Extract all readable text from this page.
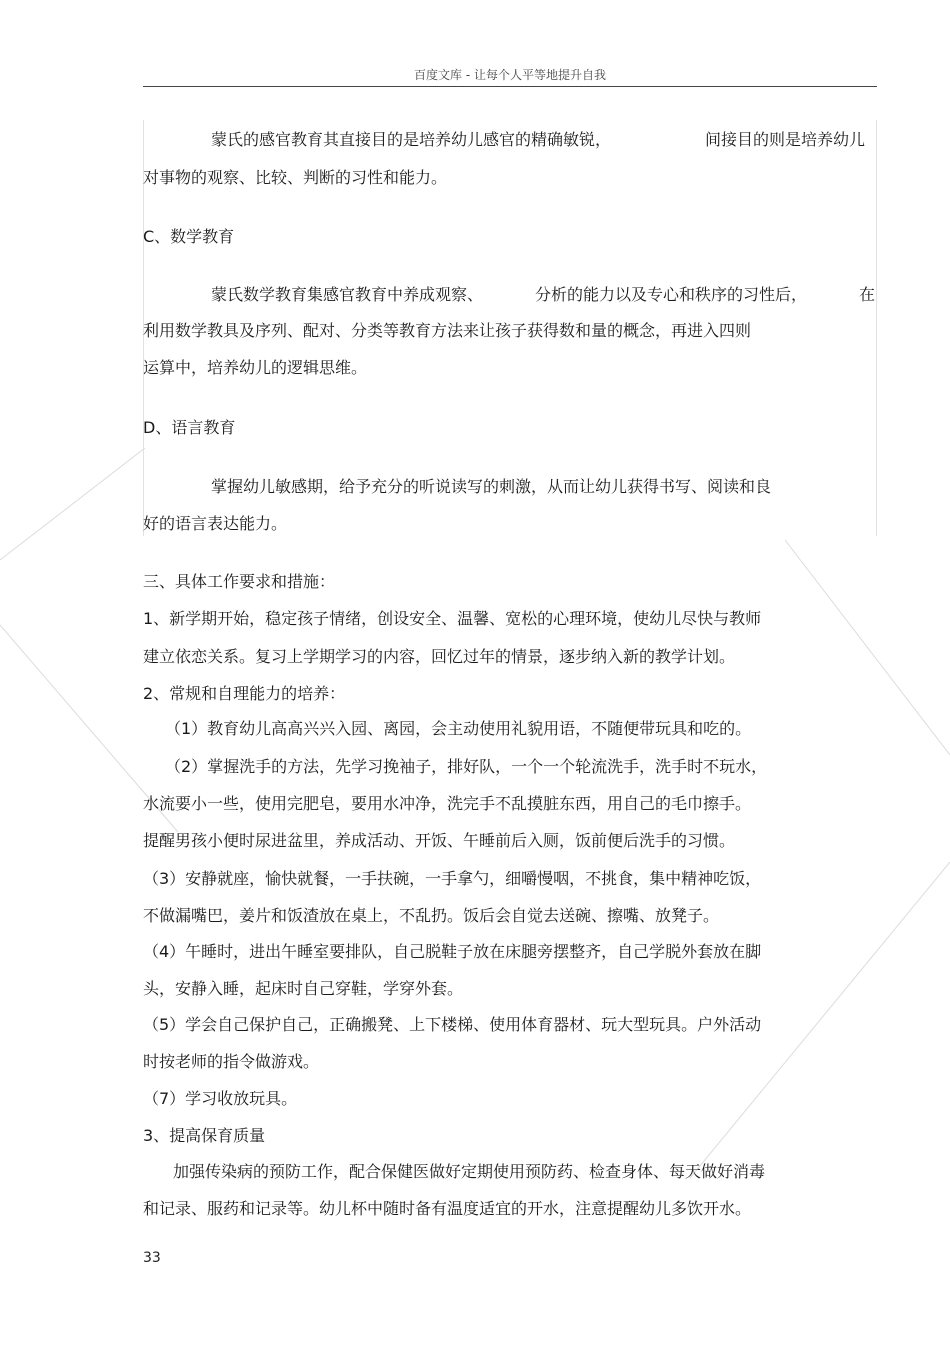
百度文库 - 让每个人平等地提升自我
蒙氏的感官教育其直接目的是培养幼儿感官的精确敏锐，	间接目的则是培养幼儿
对事物的观察、比较、判断的习性和能力。
C、数学教育
蒙氏数学教育集感官教育中养成观察、	分析的能力以及专心和秩序的习性后，	在
利用数学教具及序列、配对、分类等教育方法来让孩子获得数和量的概念，再进入四则
运算中，培养幼儿的逻辑思维。
D、语言教育
掌握幼儿敏感期，给予充分的听说读写的刺激，从而让幼儿获得书写、阅读和良
好的语言表达能力。
三、具体工作要求和措施：
1、新学期开始，稳定孩子情绪，创设安全、温馨、宽松的心理环境，使幼儿尽快与教师
建立依恋关系。复习上学期学习的内容，回忆过年的情景，逐步纳入新的教学计划。
2、常规和自理能力的培养：
（1）教育幼儿高高兴兴入园、离园，会主动使用礼貌用语，不随便带玩具和吃的。
（2）掌握洗手的方法，先学习挽袖子，排好队，一个一个轮流洗手，洗手时不玩水，
水流要小一些，使用完肥皂，要用水冲净，洗完手不乱摸脏东西，用自己的毛巾擦手。
提醒男孩小便时尿进盆里，养成活动、开饭、午睡前后入厕，饭前便后洗手的习惯。
（3）安静就座，愉快就餐，一手扶碗，一手拿勺，细嚼慢咽，不挑食，集中精神吃饭，
不做漏嘴巴，姜片和饭渣放在桌上，不乱扔。饭后会自觉去送碗、擦嘴、放凳子。
（4）午睡时，进出午睡室要排队，自己脱鞋子放在床腿旁摆整齐，自己学脱外套放在脚
头，安静入睡，起床时自己穿鞋，学穿外套。
（5）学会自己保护自己，正确搬凳、上下楼梯、使用体育器材、玩大型玩具。户外活动
时按老师的指令做游戏。
（7）学习收放玩具。
3、提高保育质量
加强传染病的预防工作，配合保健医做好定期使用预防药、检查身体、每天做好消毒
和记录、服药和记录等。幼儿杯中随时备有温度适宜的开水，注意提醒幼儿多饮开水。
33
